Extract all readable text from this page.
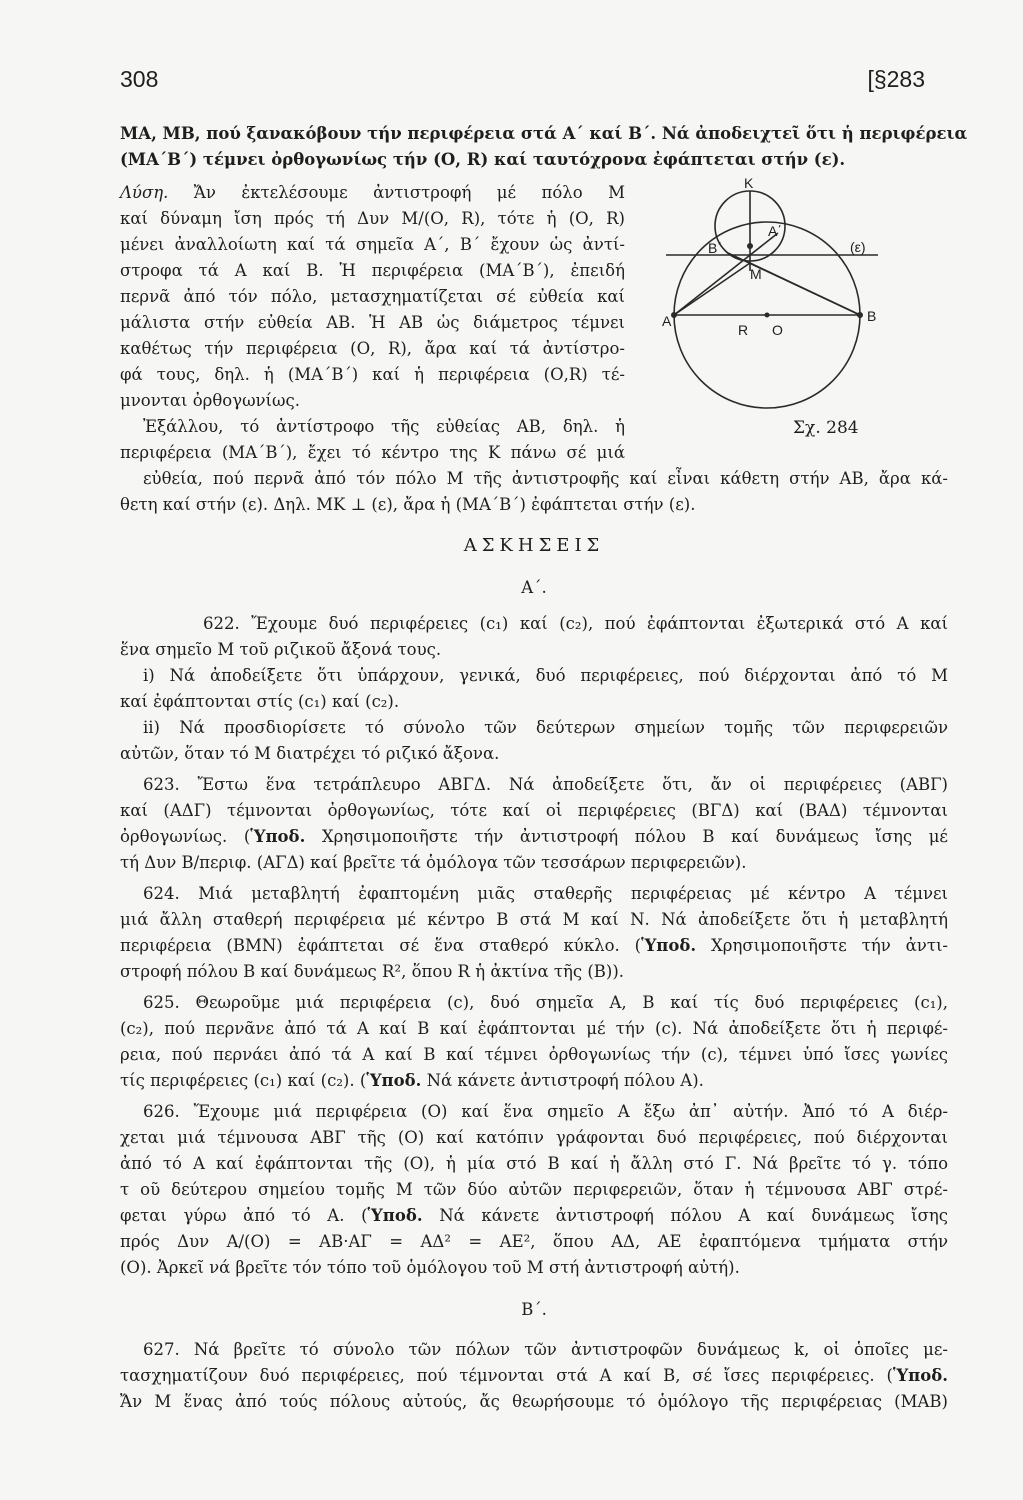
308	[§283
ΜΑ, ΜΒ, πού ξανακόβουν τήν περιφέρεια στά Α΄ καί Β΄. Νά ἀποδειχτεῖ ὅτι ἡ περιφέρεια
(ΜΑ΄Β΄) τέμνει ὀρθογωνίως τήν (Ο, R) καί ταυτόχρονα ἐφάπτεται στήν (ε).
Λύση. Ἄν ἐκτελέσουμε ἀντιστροφή μέ πόλο Μ
καί δύναμη ἴση πρός τή Δυν Μ/(Ο, R), τότε ἡ (Ο, R)
μένει ἀναλλοίωτη καί τά σημεῖα Α΄, Β΄ ἔχουν ὡς ἀντί-
στροφα τά Α καί Β. Ἡ περιφέρεια (ΜΑ΄Β΄), ἐπειδή
περνᾶ ἀπό τόν πόλο, μετασχηματίζεται σέ εὐθεία καί
μάλιστα στήν εὐθεία ΑΒ. Ἡ ΑΒ ὡς διάμετρος τέμνει
καθέτως τήν περιφέρεια (Ο, R), ἄρα καί τά ἀντίστρο-
φά τους, δηλ. ἡ (ΜΑ΄Β΄) καί ἡ περιφέρεια (Ο,R) τέ-
μνονται ὀρθογωνίως.
Ἐξάλλου, τό ἀντίστροφο τῆς εὐθείας ΑΒ, δηλ. ἡ
περιφέρεια (ΜΑ΄Β΄), ἔχει τό κέντρο της Κ πάνω σέ μιά
εὐθεία, πού περνᾶ ἀπό τόν πόλο Μ τῆς ἀντιστροφῆς καί εἶναι κάθετη στήν ΑΒ, ἄρα κά-
θετη καί στήν (ε). Δηλ. ΜΚ ⊥ (ε), ἄρα ἡ (ΜΑ΄Β΄) ἐφάπτεται στήν (ε).
K
A΄
B΄	(ε)
M
A	B
R O
Σχ. 284
ΑΣΚΗΣΕΙΣ
Α΄.
622. Ἔχουμε δυό περιφέρειες (c₁) καί (c₂), πού ἐφάπτονται ἐξωτερικά στό Α καί
ἕνα σημεῖο Μ τοῦ ριζικοῦ ἄξονά τους.
i) Νά ἀποδείξετε ὅτι ὑπάρχουν, γενικά, δυό περιφέρειες, πού διέρχονται ἀπό τό Μ
καί ἐφάπτονται στίς (c₁) καί (c₂).
ii) Νά προσδιορίσετε τό σύνολο τῶν δεύτερων σημείων τομῆς τῶν περιφερειῶν
αὐτῶν, ὅταν τό Μ διατρέχει τό ριζικό ἄξονα.
623. Ἔστω ἕνα τετράπλευρο ΑΒΓΔ. Νά ἀποδείξετε ὅτι, ἄν οἱ περιφέρειες (ΑΒΓ)
καί (ΑΔΓ) τέμνονται ὀρθογωνίως, τότε καί οἱ περιφέρειες (ΒΓΔ) καί (ΒΑΔ) τέμνονται
ὀρθογωνίως. (Ὑποδ. Χρησιμοποιῆστε τήν ἀντιστροφή πόλου Β καί δυνάμεως ἴσης μέ
τή Δυν Β/περιφ. (ΑΓΔ) καί βρεῖτε τά ὁμόλογα τῶν τεσσάρων περιφερειῶν).
624. Μιά μεταβλητή ἐφαπτομένη μιᾶς σταθερῆς περιφέρειας μέ κέντρο Α τέμνει
μιά ἄλλη σταθερή περιφέρεια μέ κέντρο Β στά Μ καί Ν. Νά ἀποδείξετε ὅτι ἡ μεταβλητή
περιφέρεια (ΒΜΝ) ἐφάπτεται σέ ἕνα σταθερό κύκλο. (Ὑποδ. Χρησιμοποιῆστε τήν ἀντι-
στροφή πόλου Β καί δυνάμεως R², ὅπου R ἡ ἀκτίνα τῆς (Β)).
625. Θεωροῦμε μιά περιφέρεια (c), δυό σημεῖα Α, Β καί τίς δυό περιφέρειες (c₁),
(c₂), πού περνᾶνε ἀπό τά Α καί Β καί ἐφάπτονται μέ τήν (c). Νά ἀποδείξετε ὅτι ἡ περιφέ-
ρεια, πού περνάει ἀπό τά Α καί Β καί τέμνει ὀρθογωνίως τήν (c), τέμνει ὑπό ἴσες γωνίες
τίς περιφέρειες (c₁) καί (c₂). (Ὑποδ. Νά κάνετε ἀντιστροφή πόλου Α).
626. Ἔχουμε μιά περιφέρεια (Ο) καί ἕνα σημεῖο Α ἔξω ἀπ᾽ αὐτήν. Ἀπό τό Α διέρ-
χεται μιά τέμνουσα ΑΒΓ τῆς (Ο) καί κατόπιν γράφονται δυό περιφέρειες, πού διέρχονται
ἀπό τό Α καί ἐφάπτονται τῆς (Ο), ἡ μία στό Β καί ἡ ἄλλη στό Γ. Νά βρεῖτε τό γ. τόπο
τ οῦ δεύτερου σημείου τομῆς Μ τῶν δύο αὐτῶν περιφερειῶν, ὅταν ἡ τέμνουσα ΑΒΓ στρέ-
φεται γύρω ἀπό τό Α. (Ὑποδ. Νά κάνετε ἀντιστροφή πόλου Α καί δυνάμεως ἴσης
πρός Δυν Α/(Ο) = ΑΒ·ΑΓ = ΑΔ² = ΑΕ², ὅπου ΑΔ, ΑΕ ἐφαπτόμενα τμήματα στήν
(Ο). Ἀρκεῖ νά βρεῖτε τόν τόπο τοῦ ὁμόλογου τοῦ Μ στή ἀντιστροφή αὐτή).
Β΄.
627. Νά βρεῖτε τό σύνολο τῶν πόλων τῶν ἀντιστροφῶν δυνάμεως k, οἱ ὁποῖες με-
τασχηματίζουν δυό περιφέρειες, πού τέμνονται στά Α καί Β, σέ ἴσες περιφέρειες. (Ὑποδ.
Ἄν Μ ἕνας ἀπό τούς πόλους αὐτούς, ἄς θεωρήσουμε τό ὁμόλογο τῆς περιφέρειας (ΜΑΒ)
